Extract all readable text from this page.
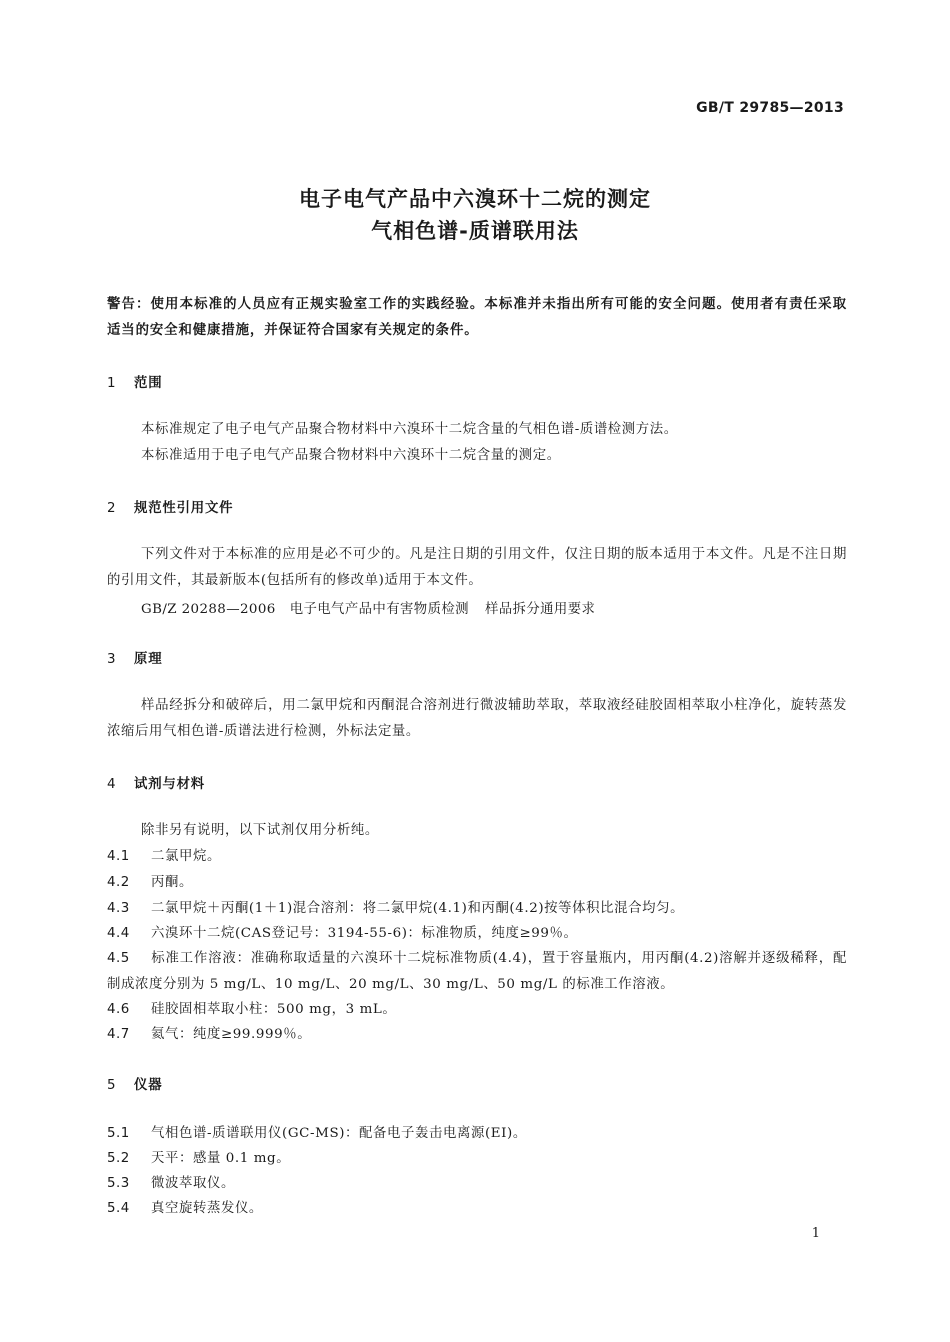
GB/T 29785—2013
电子电气产品中六溴环十二烷的测定
气相色谱-质谱联用法
警告：使用本标准的人员应有正规实验室工作的实践经验。本标准并未指出所有可能的安全问题。使用者有责任采取适当的安全和健康措施，并保证符合国家有关规定的条件。
1 范围
本标准规定了电子电气产品聚合物材料中六溴环十二烷含量的气相色谱-质谱检测方法。
本标准适用于电子电气产品聚合物材料中六溴环十二烷含量的测定。
2 规范性引用文件
下列文件对于本标准的应用是必不可少的。凡是注日期的引用文件，仅注日期的版本适用于本文件。凡是不注日期的引用文件，其最新版本(包括所有的修改单)适用于本文件。
GB/Z 20288—2006 电子电气产品中有害物质检测 样品拆分通用要求
3 原理
样品经拆分和破碎后，用二氯甲烷和丙酮混合溶剂进行微波辅助萃取，萃取液经硅胶固相萃取小柱净化，旋转蒸发浓缩后用气相色谱-质谱法进行检测，外标法定量。
4 试剂与材料
除非另有说明，以下试剂仅用分析纯。
4.1 二氯甲烷。
4.2 丙酮。
4.3 二氯甲烷＋丙酮(1＋1)混合溶剂：将二氯甲烷(4.1)和丙酮(4.2)按等体积比混合均匀。
4.4 六溴环十二烷(CAS登记号：3194-55-6)：标准物质，纯度≥99％。
4.5 标准工作溶液：准确称取适量的六溴环十二烷标准物质(4.4)，置于容量瓶内，用丙酮(4.2)溶解并逐级稀释，配制成浓度分别为 5 mg/L、10 mg/L、20 mg/L、30 mg/L、50 mg/L 的标准工作溶液。
4.6 硅胶固相萃取小柱：500 mg，3 mL。
4.7 氦气：纯度≥99.999％。
5 仪器
5.1 气相色谱-质谱联用仪(GC-MS)：配备电子轰击电离源(EI)。
5.2 天平：感量 0.1 mg。
5.3 微波萃取仪。
5.4 真空旋转蒸发仪。
1
